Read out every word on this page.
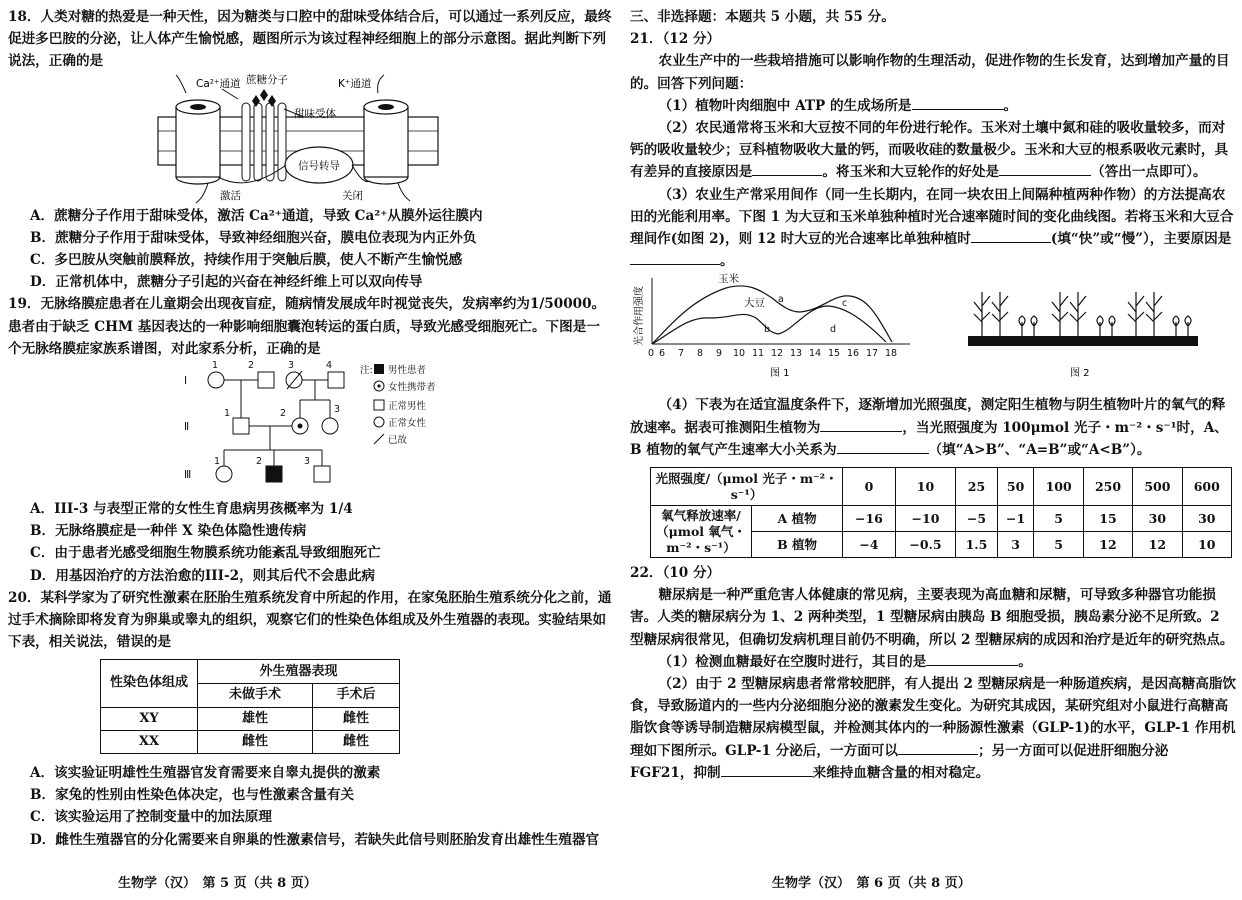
18．人类对糖的热爱是一种天性，因为糖类与口腔中的甜味受体结合后，可以通过一系列反应，最终促进多巴胺的分泌，让人体产生愉悦感，题图所示为该过程神经细胞上的部分示意图。据此判断下列说法，正确的是

蔗糖分子
Ca²⁺通道	K⁺通道
甜味受体
信号转导
激活	关闭

A．蔗糖分子作用于甜味受体，激活 Ca²⁺通道，导致 Ca²⁺从膜外运往膜内

B．蔗糖分子作用于甜味受体，导致神经细胞兴奋，膜电位表现为内正外负

C．多巴胺从突触前膜释放，持续作用于突触后膜，使人不断产生愉悦感

D．正常机体中，蔗糖分子引起的兴奋在神经纤维上可以双向传导

19．无脉络膜症患者在儿童期会出现夜盲症，随病情发展成年时视觉丧失，发病率约为1/50000。患者由于缺乏 CHM 基因表达的一种影响细胞囊泡转运的蛋白质，导致光感受细胞死亡。下图是一个无脉络膜症家族系谱图，对此家系分析，正确的是

Ⅰ
Ⅱ
Ⅲ
1	2	3	4
1	2	3
1	2	3
注: 男性患者
女性携带者
正常男性
正常女性
已故

A．III-3 与表型正常的女性生育患病男孩概率为 1/4

B．无脉络膜症是一种伴 X 染色体隐性遗传病

C．由于患者光感受细胞生物膜系统功能紊乱导致细胞死亡

D．用基因治疗的方法治愈的III-2，则其后代不会患此病

20．某科学家为了研究性激素在胚胎生殖系统发育中所起的作用，在家兔胚胎生殖系统分化之前，通过手术摘除即将发育为卵巢或睾丸的组织，观察它们的性染色体组成及外生殖器的表现。实验结果如下表，相关说法，错误的是

性染色体组成	外生殖器表现	
	未做手术	手术后
XY	雄性	雌性
XX	雌性	雌性

A．该实验证明雄性生殖器官发育需要来自睾丸提供的激素

B．家兔的性别由性染色体决定，也与性激素含量有关

C．该实验运用了控制变量中的加法原理

D．雌性生殖器官的分化需要来自卵巢的性激素信号，若缺失此信号则胚胎发育出雄性生殖器官

生物学（汉）　第 5 页（共 8 页）

三、非选择题：本题共 5 小题，共 55 分。

21．（12 分）

农业生产中的一些栽培措施可以影响作物的生理活动，促进作物的生长发育，达到增加产量的目的。回答下列问题：

（1）植物叶肉细胞中 ATP 的生成场所是	。

（2）农民通常将玉米和大豆按不同的年份进行轮作。玉米对土壤中氮和硅的吸收量较多，而对钙的吸收量较少；豆科植物吸收大量的钙，而吸收硅的数量极少。玉米和大豆的根系吸收元素时，具有差异的直接原因是	。将玉米和大豆轮作的好处是	（答出一点即可）。

（3）农业生产常采用间作（同一生长期内，在同一块农田上间隔种植两种作物）的方法提高农田的光能利用率。下图 1 为大豆和玉米单独种植时光合速率随时间的变化曲线图。若将玉米和大豆合理间作(如图 2)，则 12 时大豆的光合速率比单独种植时	(填“快”或“慢”），主要原因是。

光合作用强度
玉米
大豆 a
b
c
d
0 6 7 8 9 10 11 12 13 14 15 16 17 18
图 1	图 2

（4）下表为在适宜温度条件下，逐渐增加光照强度，测定阳生植物与阴生植物叶片的氧气的释放速率。据表可推测阳生植物为	，当光照强度为 100μmol 光子・m⁻²・s⁻¹时，A、B 植物的氧气产生速率大小关系为	（填“A>B”、“A=B”或“A<B”）。

光照强度/（μmol 光子・m⁻²・s⁻¹）		0	10	25	50	100	250	500	600
氧气释放速率/（μmol 氧气・m⁻²・s⁻¹）	A 植物	−16	−10	−5	−1	5	15	30	30
	B 植物	−4	−0.5	1.5	3	5	12	12	10

22．（10 分）

糖尿病是一种严重危害人体健康的常见病，主要表现为高血糖和尿糖，可导致多种器官功能损害。人类的糖尿病分为 1、2 两种类型，1 型糖尿病由胰岛 B 细胞受损，胰岛素分泌不足所致。2 型糖尿病很常见，但确切发病机理目前仍不明确，所以 2 型糖尿病的成因和治疗是近年的研究热点。

（1）检测血糖最好在空腹时进行，其目的是	。

（2）由于 2 型糖尿病患者常常较肥胖，有人提出 2 型糖尿病是一种肠道疾病，是因高糖高脂饮食，导致肠道内的一些内分泌细胞分泌的激素发生变化。为研究其成因，某研究组对小鼠进行高糖高脂饮食等诱导制造糖尿病模型鼠，并检测其体内的一种肠源性激素（GLP-1)的水平，GLP-1 作用机理如下图所示。GLP-1 分泌后，一方面可以	；另一方面可以促进肝细胞分泌 FGF21，抑制	来维持血糖含量的相对稳定。

生物学（汉）　第 6 页（共 8 页）
